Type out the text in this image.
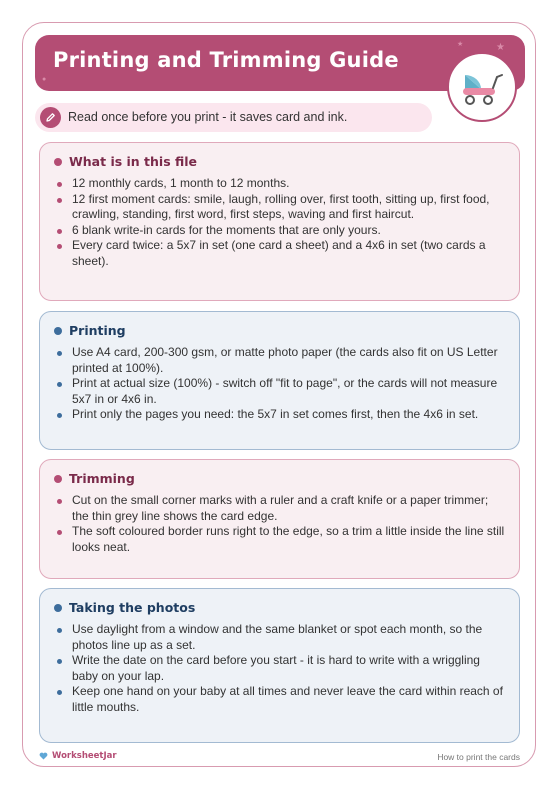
Printing and Trimming Guide
★
★
●
Read once before you print - it saves card and ink.
What is in this file
12 monthly cards, 1 month to 12 months.
12 first moment cards: smile, laugh, rolling over, first tooth, sitting up, first food, crawling, standing, first word, first steps, waving and first haircut.
6 blank write-in cards for the moments that are only yours.
Every card twice: a 5x7 in set (one card a sheet) and a 4x6 in set (two cards a sheet).
Printing
Use A4 card, 200-300 gsm, or matte photo paper (the cards also fit on US Letter printed at 100%).
Print at actual size (100%) - switch off "fit to page", or the cards will not measure 5x7 in or 4x6 in.
Print only the pages you need: the 5x7 in set comes first, then the 4x6 in set.
Trimming
Cut on the small corner marks with a ruler and a craft knife or a paper trimmer; the thin grey line shows the card edge.
The soft coloured border runs right to the edge, so a trim a little inside the line still looks neat.
Taking the photos
Use daylight from a window and the same blanket or spot each month, so the photos line up as a set.
Write the date on the card before you start - it is hard to write with a wriggling baby on your lap.
Keep one hand on your baby at all times and never leave the card within reach of little mouths.
WorksheetJar	How to print the cards
